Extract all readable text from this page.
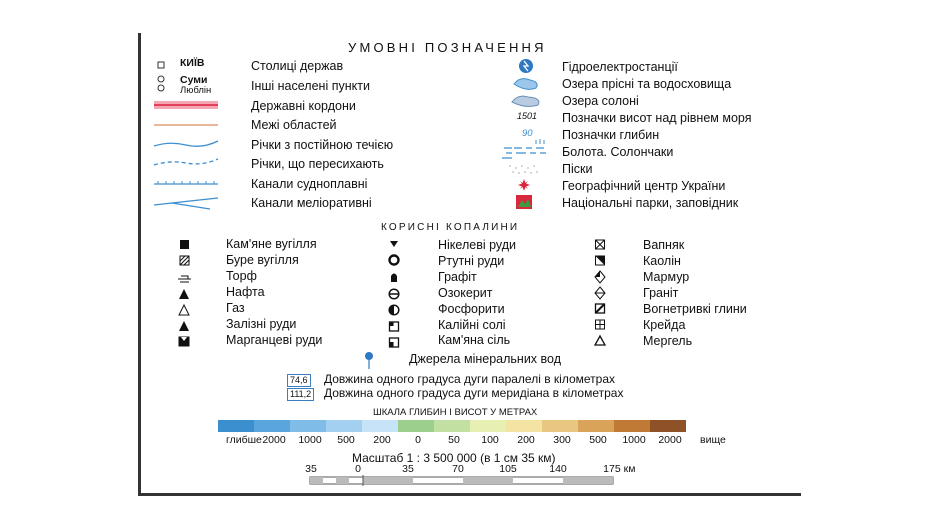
УМОВНІ ПОЗНАЧЕННЯ
КИЇВ
Суми
Люблін
Столиці держав
Інші населені пункти
Державні кордони
Межі областей
Річки з постійною течією
Річки, що пересихають
Канали судноплавні
Канали меліоративні
1501
90
Гідроелектростанції
Озера прісні та водосховища
Озера солоні
Позначки висот над рівнем моря
Позначки глибин
Болота. Солончаки
Піски
Географічний центр України
Національні парки, заповідник
КОРИСНІ КОПАЛИНИ
Кам'яне вугілля
Буре вугілля
Торф
Нафта
Газ
Залізні руди
Марганцеві руди
Нікелеві руди
Ртутні руди
Графіт
Озокерит
Фосфорити
Калійні солі
Кам'яна сіль
Вапняк
Каолін
Мармур
Граніт
Вогнетривкі глини
Крейда
Мергель
Джерела мінеральних вод
74,6 Довжина одного градуса дуги паралелі в кілометрах
111,2 Довжина одного градуса дуги меридіана в кілометрах
ШКАЛА ГЛИБИН І ВИСОТ У МЕТРАХ
глибше 2000 1000 500 200 0	50 100 200 300 500 1000 2000 вище
Масштаб 1 : 3 500 000 (в 1 см 35 км)
35	0	35	70	105	140	175 км
